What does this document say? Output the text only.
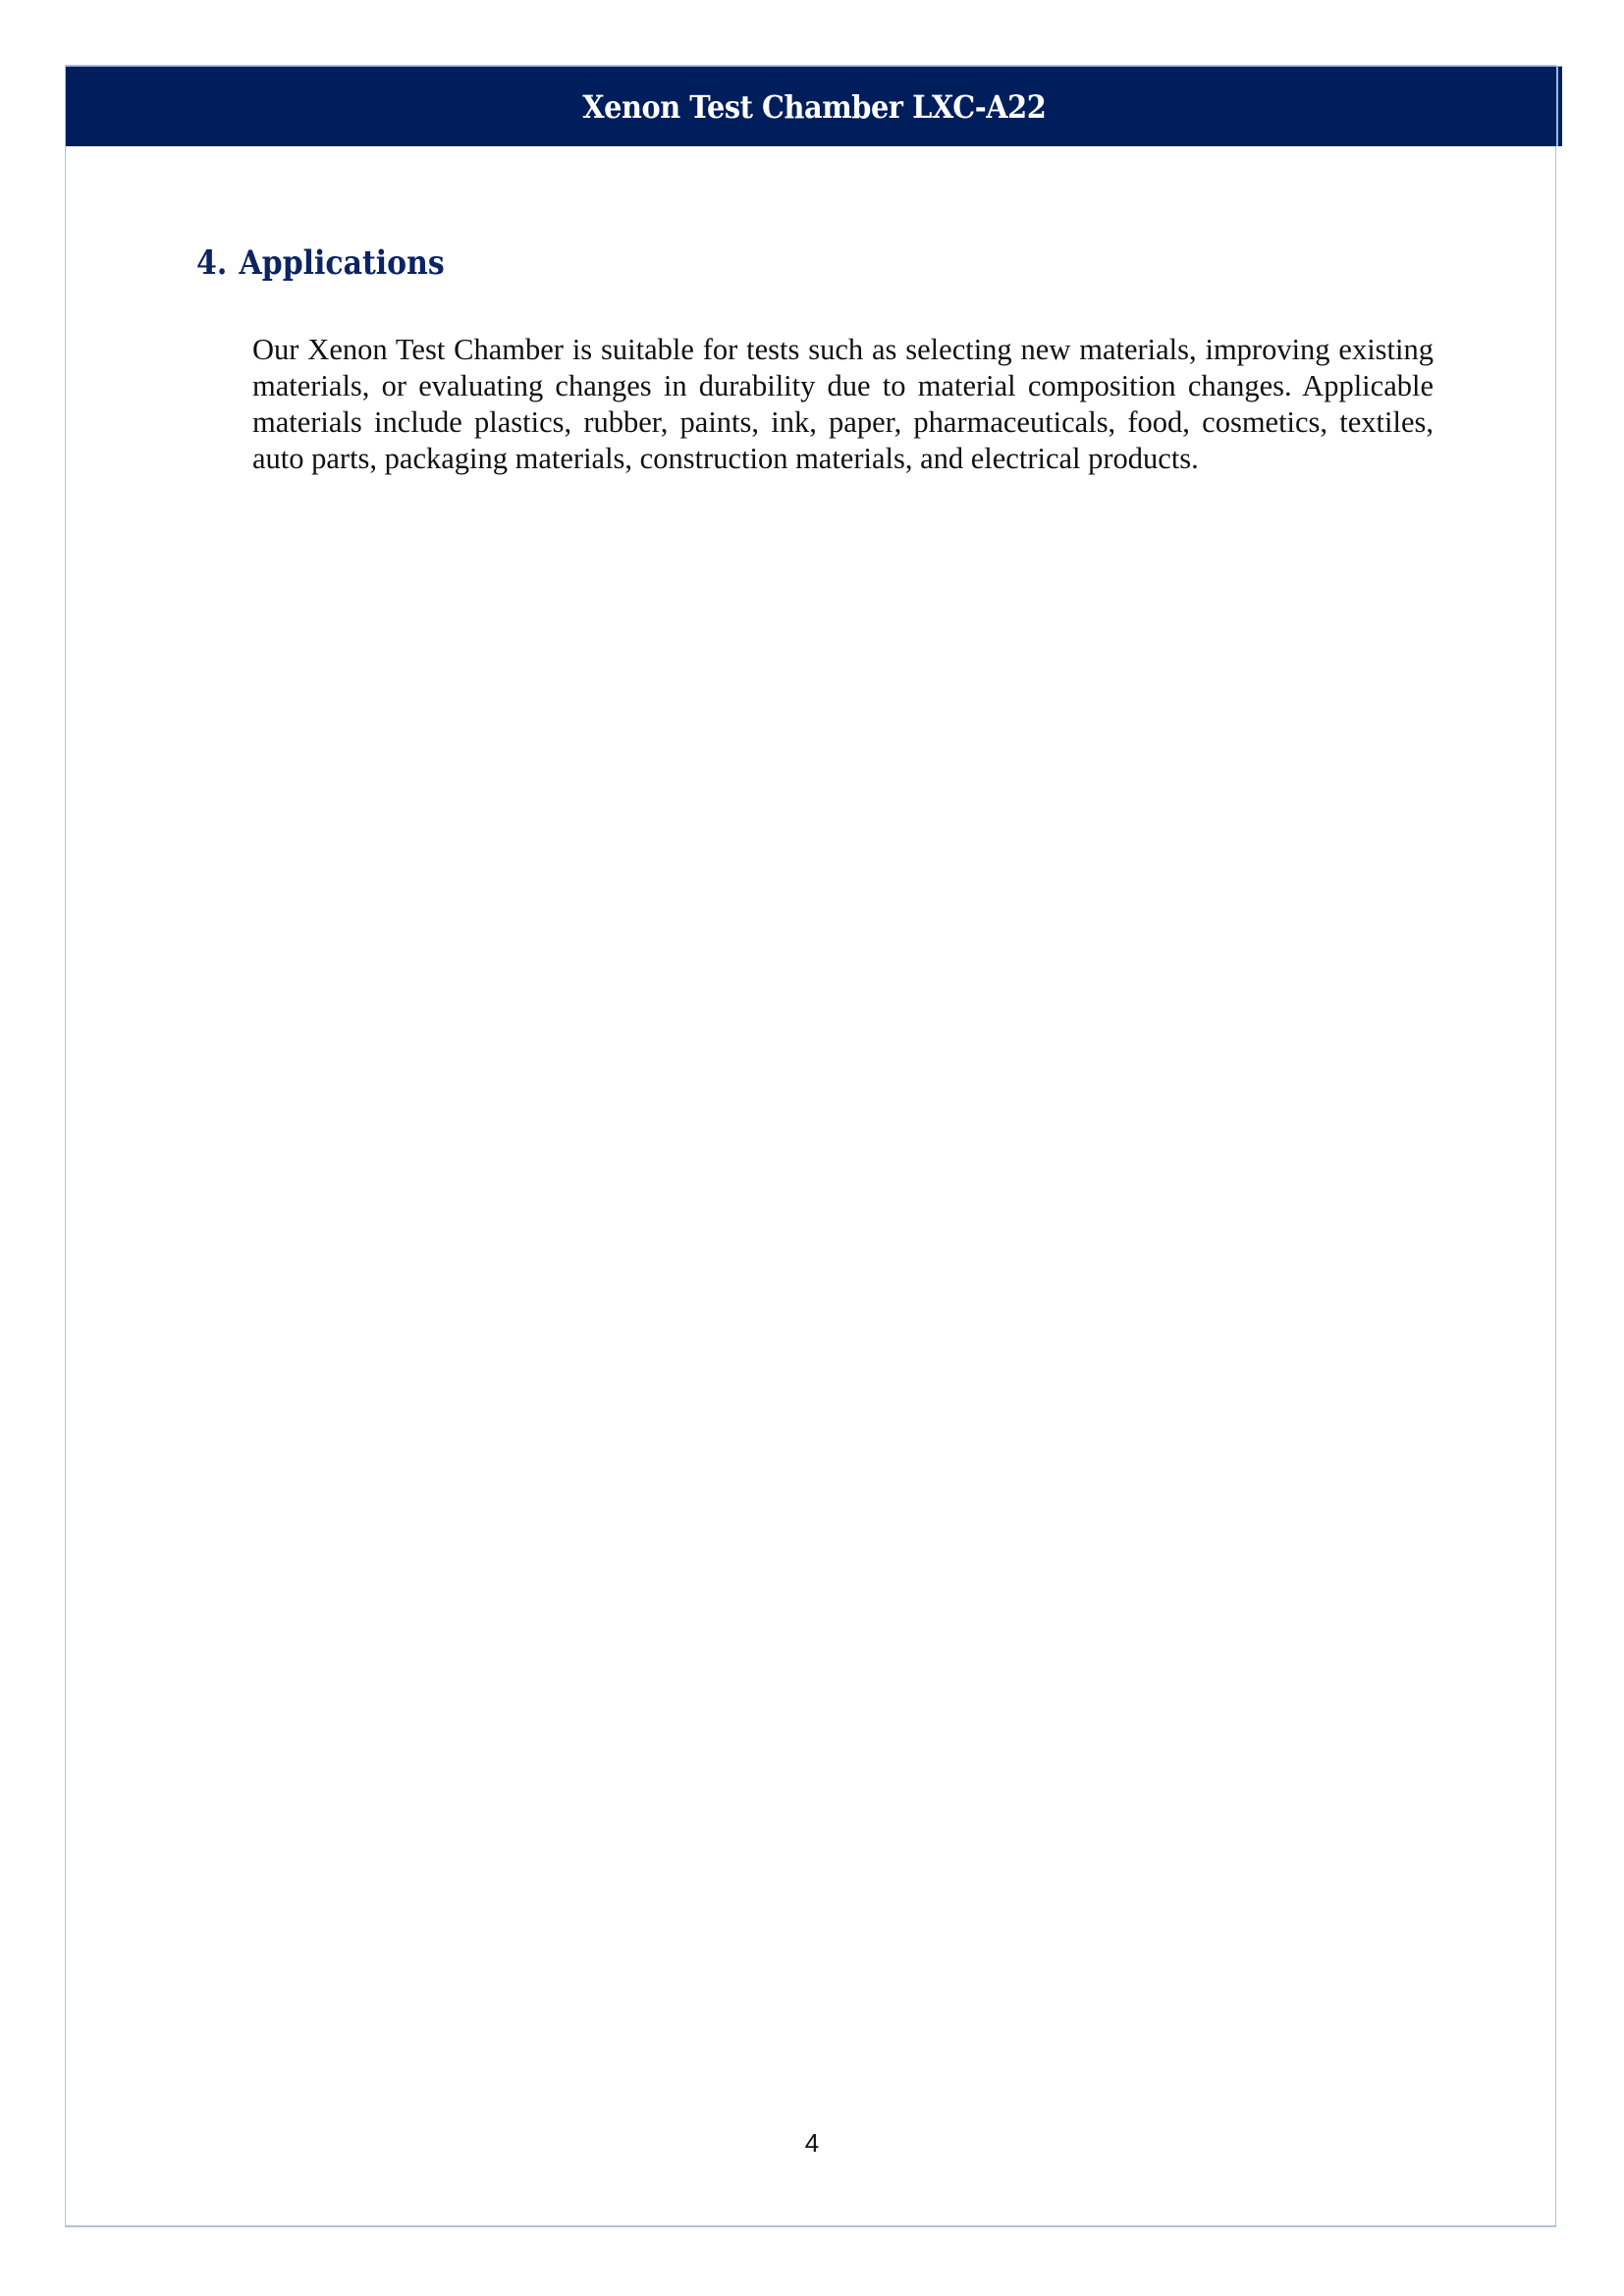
Xenon Test Chamber LXC-A22
4. Applications

Our Xenon Test Chamber is suitable for tests such as selecting new materials, improving existing materials, or evaluating changes in durability due to material composition changes. Applicable materials include plastics, rubber, paints, ink, paper, pharmaceuticals, food, cosmetics, textiles, auto parts, packaging materials, construction materials, and electrical products.

4
